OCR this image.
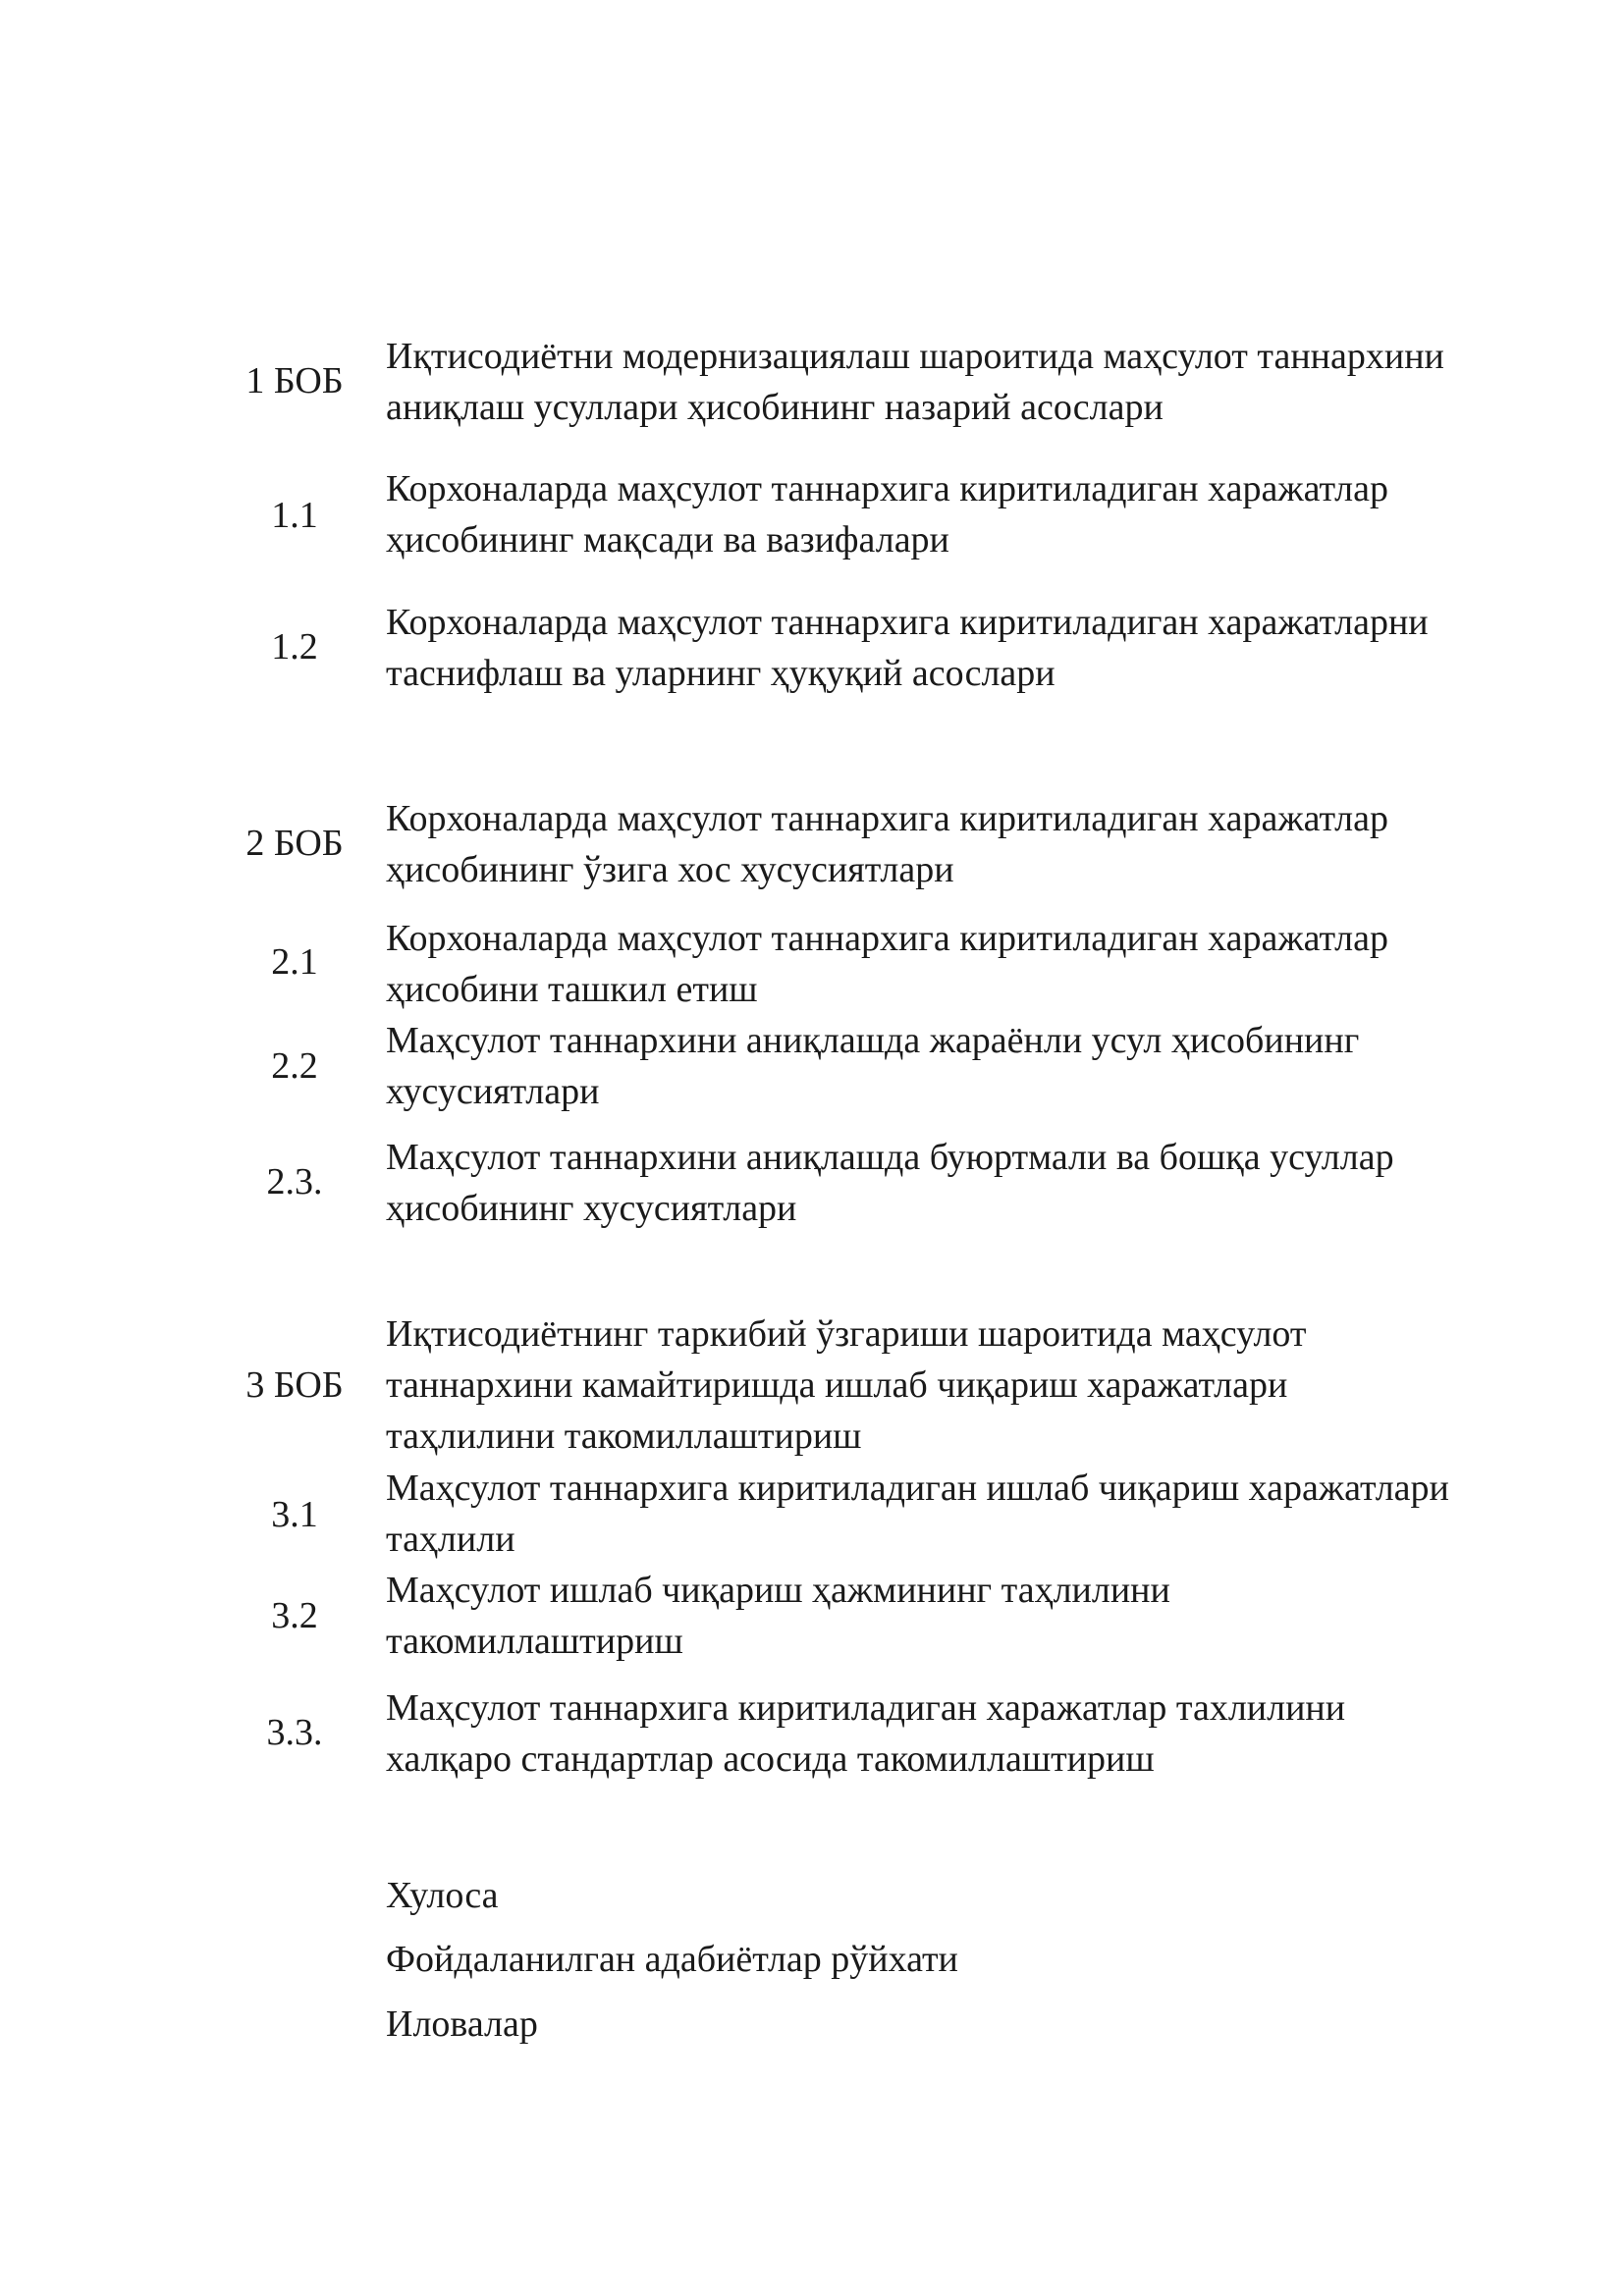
1 БОБ
Иқтисодиётни модернизациялаш шароитида маҳсулот таннархини
аниқлаш усуллари ҳисобининг назарий асослари
1.1
Корхоналарда маҳсулот таннархига киритиладиган харажатлар
ҳисобининг мақсади ва вазифалари
1.2
Корхоналарда маҳсулот таннархига киритиладиган харажатларни
таснифлаш ва уларнинг ҳуқуқий асослари
2 БОБ
Корхоналарда маҳсулот таннархига киритиладиган харажатлар
ҳисобининг ўзига хос хусусиятлари
2.1
Корхоналарда маҳсулот таннархига киритиладиган харажатлар
ҳисобини ташкил етиш
2.2
Маҳсулот таннархини аниқлашда жараёнли усул ҳисобининг
хусусиятлари
2.3.
Маҳсулот таннархини аниқлашда буюртмали ва бошқа усуллар
ҳисобининг хусусиятлари
3 БОБ
Иқтисодиётнинг таркибий ўзгариши шароитида маҳсулот
таннархини камайтиришда ишлаб чиқариш харажатлари
таҳлилини такомиллаштириш
3.1
Маҳсулот таннархига киритиладиган ишлаб чиқариш харажатлари
таҳлили
3.2
Маҳсулот ишлаб чиқариш ҳажмининг таҳлилини
такомиллаштириш
3.3.
Маҳсулот таннархига киритиладиган харажатлар тахлилини
халқаро стандартлар асосида такомиллаштириш
Хулоса
Фойдаланилган адабиётлар рўйхати
Иловалар
